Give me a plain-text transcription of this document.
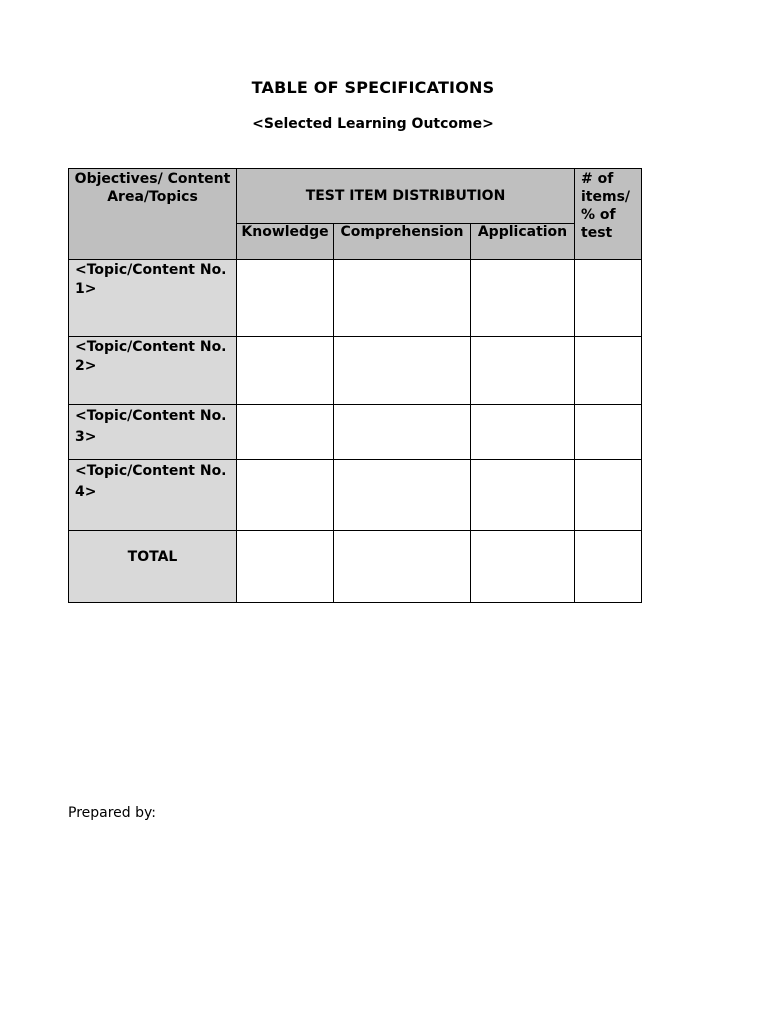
TABLE OF SPECIFICATIONS
<Selected Learning Outcome>
Objectives/ Content Area/Topics	TEST ITEM DISTRIBUTION			# of items/ % of test
	Knowledge	Comprehension	Application	
<Topic/Content No. 1>				
<Topic/Content No. 2>				
<Topic/Content No. 3>				
<Topic/Content No. 4>				
TOTAL				
Prepared by:
